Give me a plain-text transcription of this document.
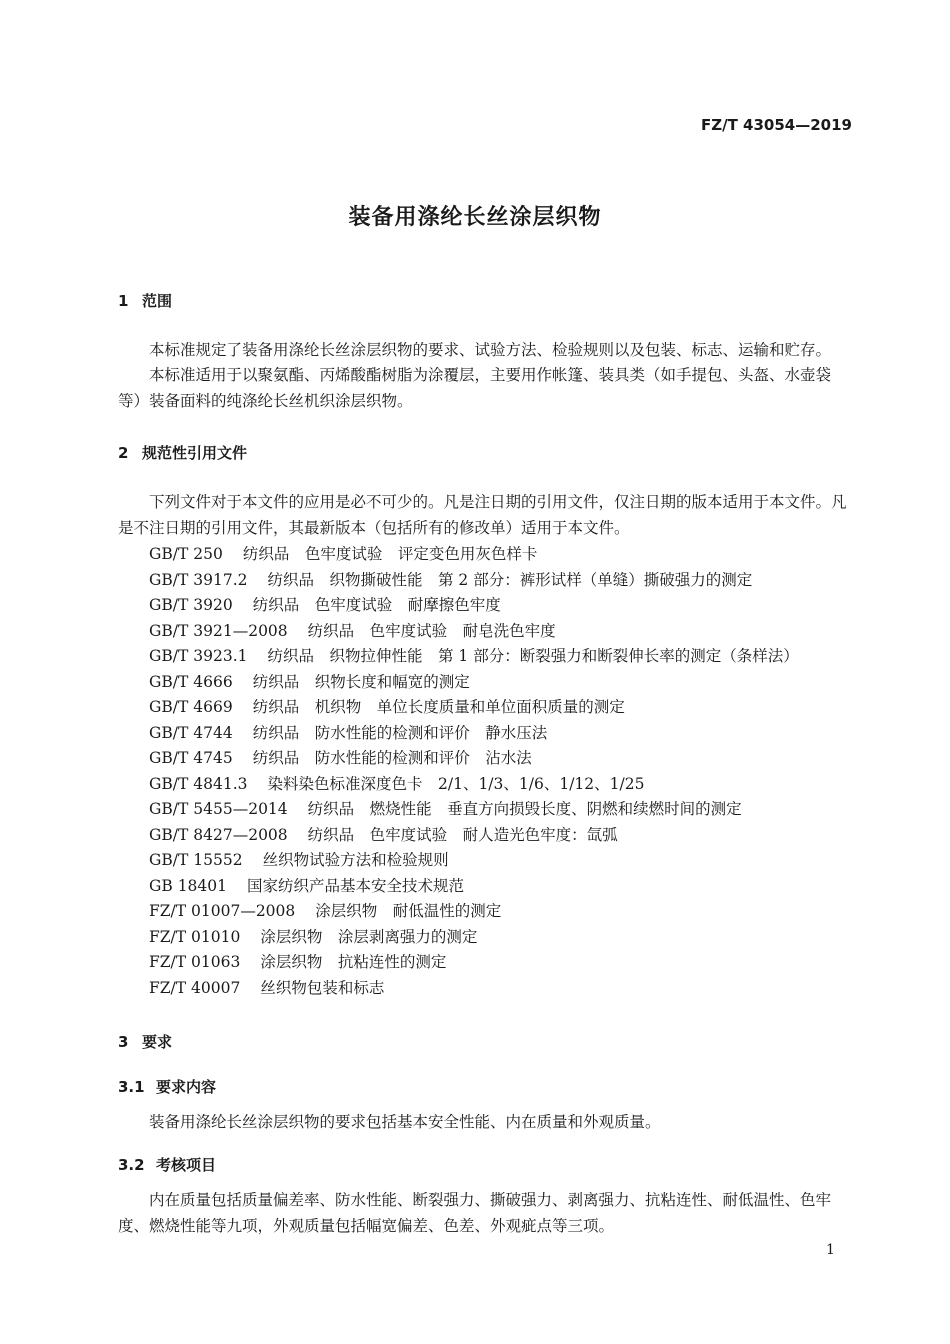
FZ/T 43054—2019
装备用涤纶长丝涂层织物
1 范围
本标准规定了装备用涤纶长丝涂层织物的要求、试验方法、检验规则以及包装、标志、运输和贮存。
本标准适用于以聚氨酯、丙烯酸酯树脂为涂覆层，主要用作帐篷、装具类（如手提包、头盔、水壶袋等）装备面料的纯涤纶长丝机织涂层织物。
2 规范性引用文件
下列文件对于本文件的应用是必不可少的。凡是注日期的引用文件，仅注日期的版本适用于本文件。凡是不注日期的引用文件，其最新版本（包括所有的修改单）适用于本文件。
GB/T 250 纺织品　色牢度试验　评定变色用灰色样卡
GB/T 3917.2 纺织品　织物撕破性能　第 2 部分：裤形试样（单缝）撕破强力的测定
GB/T 3920 纺织品　色牢度试验　耐摩擦色牢度
GB/T 3921—2008 纺织品　色牢度试验　耐皂洗色牢度
GB/T 3923.1 纺织品　织物拉伸性能　第 1 部分：断裂强力和断裂伸长率的测定（条样法）
GB/T 4666 纺织品　织物长度和幅宽的测定
GB/T 4669 纺织品　机织物　单位长度质量和单位面积质量的测定
GB/T 4744 纺织品　防水性能的检测和评价　静水压法
GB/T 4745 纺织品　防水性能的检测和评价　沾水法
GB/T 4841.3 染料染色标准深度色卡　2/1、1/3、1/6、1/12、1/25
GB/T 5455—2014 纺织品　燃烧性能　垂直方向损毁长度、阴燃和续燃时间的测定
GB/T 8427—2008 纺织品　色牢度试验　耐人造光色牢度：氙弧
GB/T 15552 丝织物试验方法和检验规则
GB 18401 国家纺织产品基本安全技术规范
FZ/T 01007—2008 涂层织物　耐低温性的测定
FZ/T 01010 涂层织物　涂层剥离强力的测定
FZ/T 01063 涂层织物　抗粘连性的测定
FZ/T 40007 丝织物包装和标志
3 要求
3.1 要求内容
装备用涤纶长丝涂层织物的要求包括基本安全性能、内在质量和外观质量。
3.2 考核项目
内在质量包括质量偏差率、防水性能、断裂强力、撕破强力、剥离强力、抗粘连性、耐低温性、色牢度、燃烧性能等九项，外观质量包括幅宽偏差、色差、外观疵点等三项。
1
